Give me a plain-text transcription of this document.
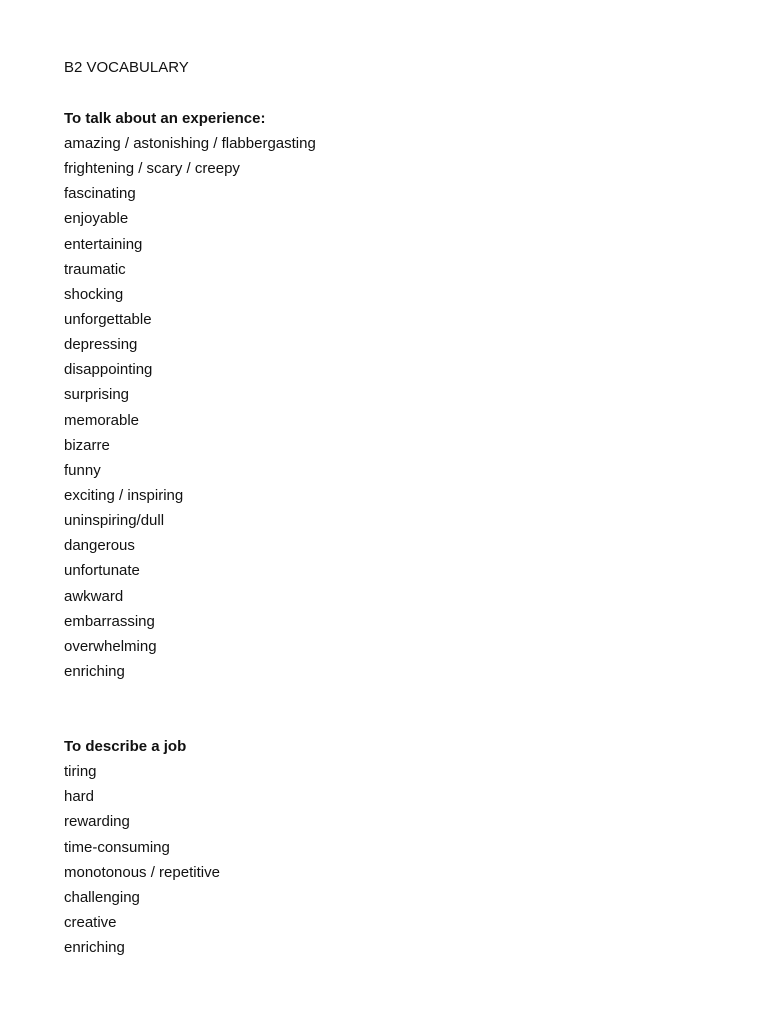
B2 VOCABULARY
To talk about an experience:
amazing / astonishing / flabbergasting
frightening / scary / creepy
fascinating
enjoyable
entertaining
traumatic
shocking
unforgettable
depressing
disappointing
surprising
memorable
bizarre
funny
exciting / inspiring
uninspiring/dull
dangerous
unfortunate
awkward
embarrassing
overwhelming
enriching
To describe a job
tiring
hard
rewarding
time-consuming
monotonous / repetitive
challenging
creative
enriching
